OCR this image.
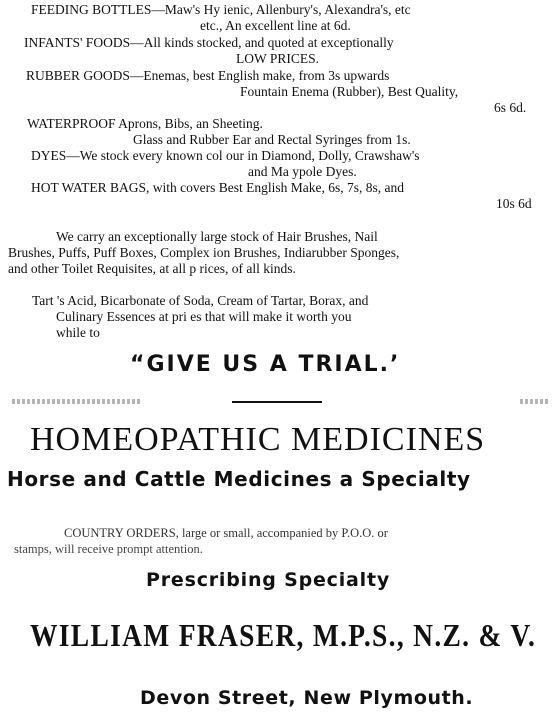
FEEDING BOTTLES—Maw's Hy ienic, Allenbury's, Alexandra's, etc
etc., An excellent line at 6d.
INFANTS' FOODS—All kinds stocked, and quoted at exceptionally
LOW PRICES.
RUBBER GOODS—Enemas, best English make, from 3s upwards
Fountain Enema (Rubber), Best Quality,
6s 6d.
WATERPROOF Aprons, Bibs, an Sheeting.
Glass and Rubber Ear and Rectal Syringes from 1s.
DYES—We stock every known col our in Diamond, Dolly, Crawshaw's
and Ma ypole Dyes.
HOT WATER BAGS, with covers Best English Make, 6s, 7s, 8s, and
10s 6d
We carry an exceptionally large stock of Hair Brushes, Nail
Brushes, Puffs, Puff Boxes, Complex ion Brushes, Indiarubber Sponges,
and other Toilet Requisites, at all p rices, of all kinds.
Tart 's Acid, Bicarbonate of Soda, Cream of Tartar, Borax, and
Culinary Essences at pri es that will make it worth you
while to
“GIVE US A TRIAL.’
HOMEOPATHIC MEDICINES
Horse and Cattle Medicines a Specialty
COUNTRY ORDERS, large or small, accompanied by P.O.O. or
stamps, will receive prompt attention.
Prescribing Specialty
WILLIAM FRASER, M.P.S., N.Z. & V.
Devon Street, New Plymouth.
